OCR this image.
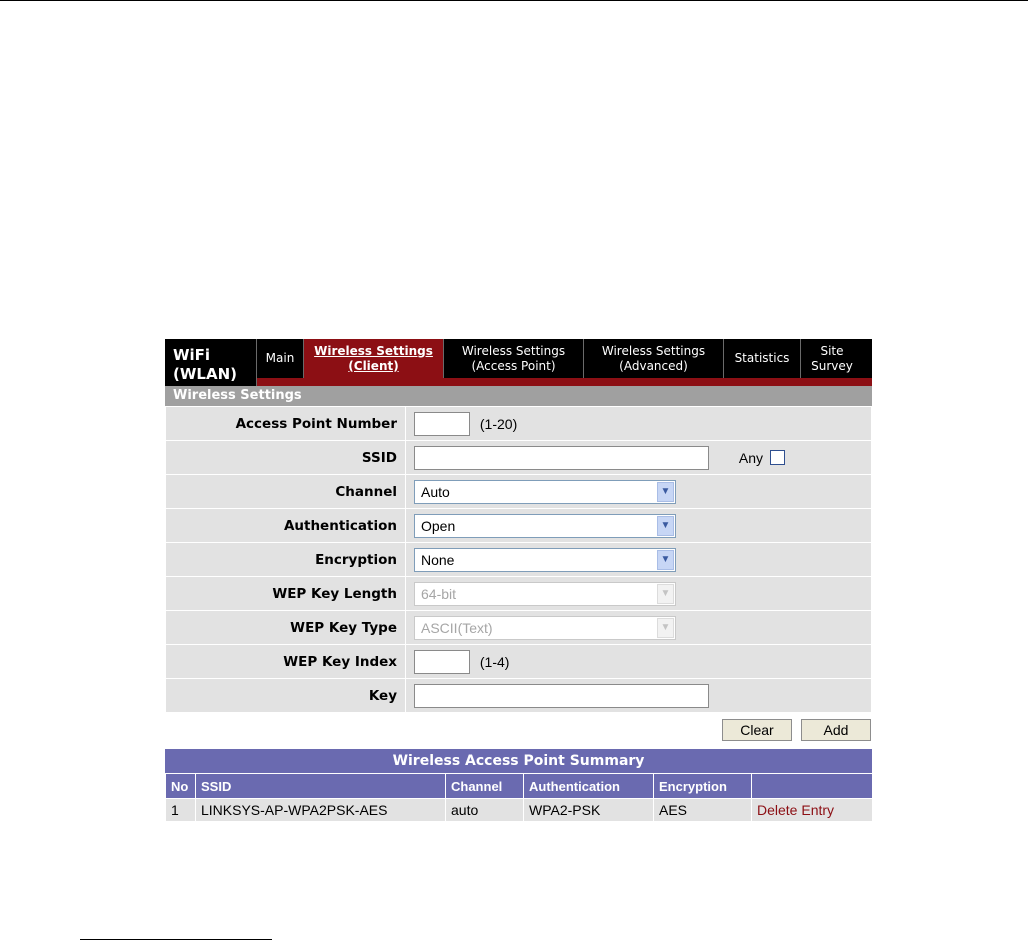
WiFi
(WLAN)
Main
Wireless Settings
(Client)
Wireless Settings
(Access Point)
Wireless Settings
(Advanced)
Statistics
Site
Survey
Wireless Settings
Access Point Number	(1-20)
SSID	Any
Channel	Auto ▼

Authentication	Open ▼

Encryption	None ▼

WEP Key Length	64-bit ▼

WEP Key Type	ASCII(Text) ▼

WEP Key Index	(1-4)
Key	
Clear	Add
Wireless Access Point Summary
No	SSID	Channel	Authentication	Encryption	
1	LINKSYS-AP-WPA2PSK-AES	auto	WPA2-PSK	AES	Delete Entry
